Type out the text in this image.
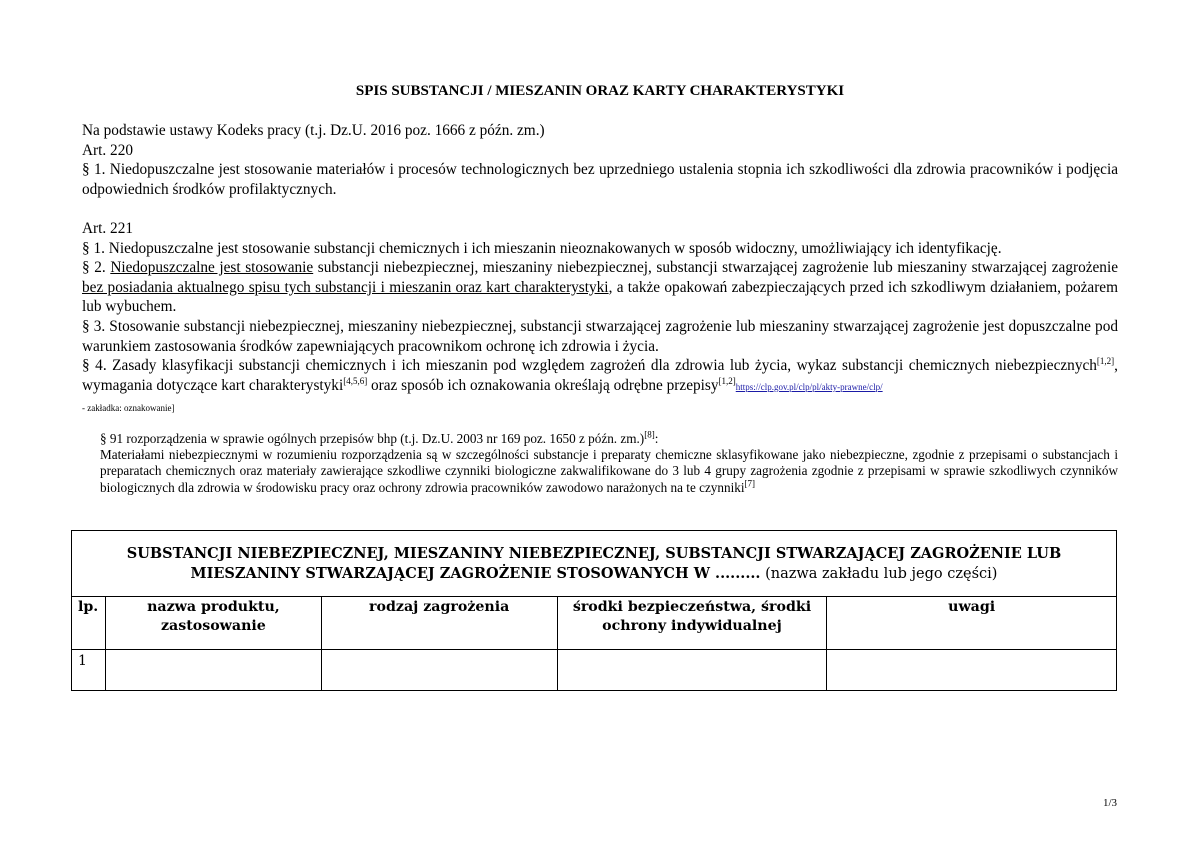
SPIS SUBSTANCJI / MIESZANIN ORAZ KARTY CHARAKTERYSTYKI

Na podstawie ustawy Kodeks pracy (t.j. Dz.U. 2016 poz. 1666 z późn. zm.)

Art. 220

§ 1. Niedopuszczalne jest stosowanie materiałów i procesów technologicznych bez uprzedniego ustalenia stopnia ich szkodliwości dla zdrowia pracowników i podjęcia odpowiednich środków profilaktycznych.

Art. 221

§ 1. Niedopuszczalne jest stosowanie substancji chemicznych i ich mieszanin nieoznakowanych w sposób widoczny, umożliwiający ich identyfikację.

§ 2. Niedopuszczalne jest stosowanie substancji niebezpiecznej, mieszaniny niebezpiecznej, substancji stwarzającej zagrożenie lub mieszaniny stwarzającej zagrożenie bez posiadania aktualnego spisu tych substancji i mieszanin oraz kart charakterystyki, a także opakowań zabezpieczających przed ich szkodliwym działaniem, pożarem lub wybuchem.

§ 3. Stosowanie substancji niebezpiecznej, mieszaniny niebezpiecznej, substancji stwarzającej zagrożenie lub mieszaniny stwarzającej zagrożenie jest dopuszczalne pod warunkiem zastosowania środków zapewniających pracownikom ochronę ich zdrowia i życia.

§ 4. Zasady klasyfikacji substancji chemicznych i ich mieszanin pod względem zagrożeń dla zdrowia lub życia, wykaz substancji chemicznych niebezpiecznych[1,2], wymagania dotyczące kart charakterystyki[4,5,6] oraz sposób ich oznakowania określają odrębne przepisy[1,2]https://clp.gov.pl/clp/pl/akty-prawne/clp/
- zakładka: oznakowanie]

§ 91 rozporządzenia w sprawie ogólnych przepisów bhp (t.j. Dz.U. 2003 nr 169 poz. 1650 z późn. zm.)[8]:

Materiałami niebezpiecznymi w rozumieniu rozporządzenia są w szczególności substancje i preparaty chemiczne sklasyfikowane jako niebezpieczne, zgodnie z przepisami o substancjach i preparatach chemicznych oraz materiały zawierające szkodliwe czynniki biologiczne zakwalifikowane do 3 lub 4 grupy zagrożenia zgodnie z przepisami w sprawie szkodliwych czynników biologicznych dla zdrowia w środowisku pracy oraz ochrony zdrowia pracowników zawodowo narażonych na te czynniki[7]

SUBSTANCJI NIEBEZPIECZNEJ, MIESZANINY NIEBEZPIECZNEJ, SUBSTANCJI STWARZAJĄCEJ ZAGROŻENIE LUB MIESZANINY STWARZAJĄCEJ ZAGROŻENIE STOSOWANYCH W ......... (nazwa zakładu lub jego części)				
lp.	nazwa produktu, zastosowanie	rodzaj zagrożenia	środki bezpieczeństwa, środki ochrony indywidualnej	uwagi
1				
1/3
